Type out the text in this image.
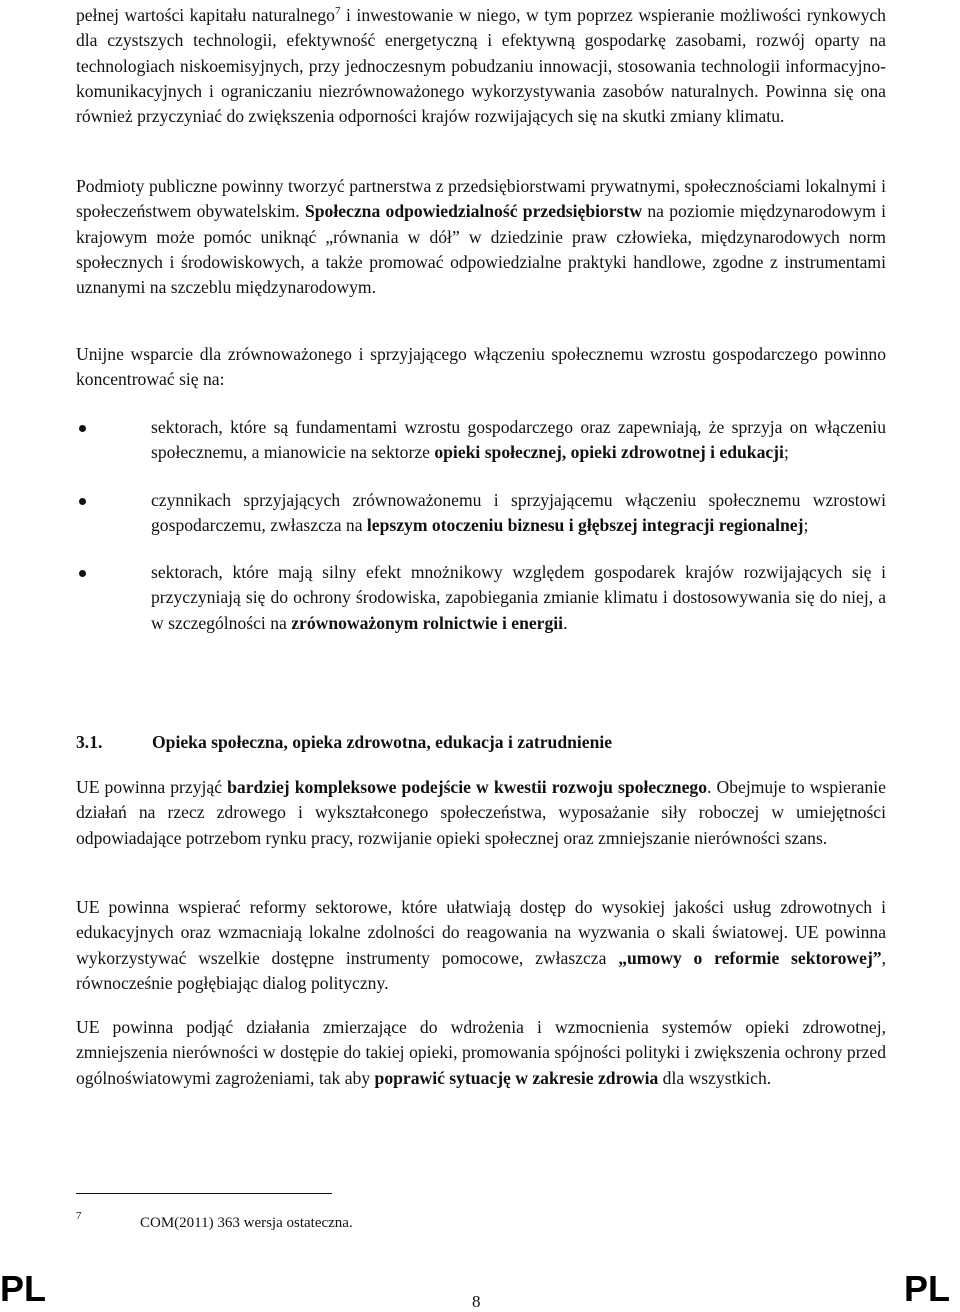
pełnej wartości kapitału naturalnego$^7$ i inwestowanie w niego, w tym poprzez wspieranie możliwości rynkowych dla czystszych technologii, efektywność energetyczną i efektywną gospodarkę zasobami, rozwój oparty na technologiach niskoemisyjnych, przy jednoczesnym pobudzaniu innowacji, stosowania technologii informacyjno-komunikacyjnych i ograniczaniu niezrównoważonego wykorzystywania zasobów naturalnych. Powinna się ona również przyczyniać do zwiększenia odporności krajów rozwijających się na skutki zmiany klimatu.

Podmioty publiczne powinny tworzyć partnerstwa z przedsiębiorstwami prywatnymi, społecznościami lokalnymi i społeczeństwem obywatelskim. Społeczna odpowiedzialność przedsiębiorstw na poziomie międzynarodowym i krajowym może pomóc uniknąć „równania w dół” w dziedzinie praw człowieka, międzynarodowych norm społecznych i środowiskowych, a także promować odpowiedzialne praktyki handlowe, zgodne z instrumentami uznanymi na szczeblu międzynarodowym.

Unijne wsparcie dla zrównoważonego i sprzyjającego włączeniu społecznemu wzrostu gospodarczego powinno koncentrować się na:

sektorach, które są fundamentami wzrostu gospodarczego oraz zapewniają, że sprzyja on włączeniu społecznemu, a mianowicie na sektorze opieki społecznej, opieki zdrowotnej i edukacji;
czynnikach sprzyjających zrównoważonemu i sprzyjającemu włączeniu społecznemu wzrostowi gospodarczemu, zwłaszcza na lepszym otoczeniu biznesu i głębszej integracji regionalnej;
sektorach, które mają silny efekt mnożnikowy względem gospodarek krajów rozwijających się i przyczyniają się do ochrony środowiska, zapobiegania zmianie klimatu i dostosowywania się do niej, a w szczególności na zrównoważonym rolnictwie i energii.
3.1.	Opieka społeczna, opieka zdrowotna, edukacja i zatrudnienie

UE powinna przyjąć bardziej kompleksowe podejście w kwestii rozwoju społecznego. Obejmuje to wspieranie działań na rzecz zdrowego i wykształconego społeczeństwa, wyposażanie siły roboczej w umiejętności odpowiadające potrzebom rynku pracy, rozwijanie opieki społecznej oraz zmniejszanie nierówności szans.

UE powinna wspierać reformy sektorowe, które ułatwiają dostęp do wysokiej jakości usług zdrowotnych i edukacyjnych oraz wzmacniają lokalne zdolności do reagowania na wyzwania o skali światowej. UE powinna wykorzystywać wszelkie dostępne instrumenty pomocowe, zwłaszcza „umowy o reformie sektorowej”, równocześnie pogłębiając dialog polityczny.

UE powinna podjąć działania zmierzające do wdrożenia i wzmocnienia systemów opieki zdrowotnej, zmniejszenia nierówności w dostępie do takiej opieki, promowania spójności polityki i zwiększenia ochrony przed ogólnoświatowymi zagrożeniami, tak aby poprawić sytuację w zakresie zdrowia dla wszystkich.

7	COM(2011) 363 wersja ostateczna.
PL	8	PL
